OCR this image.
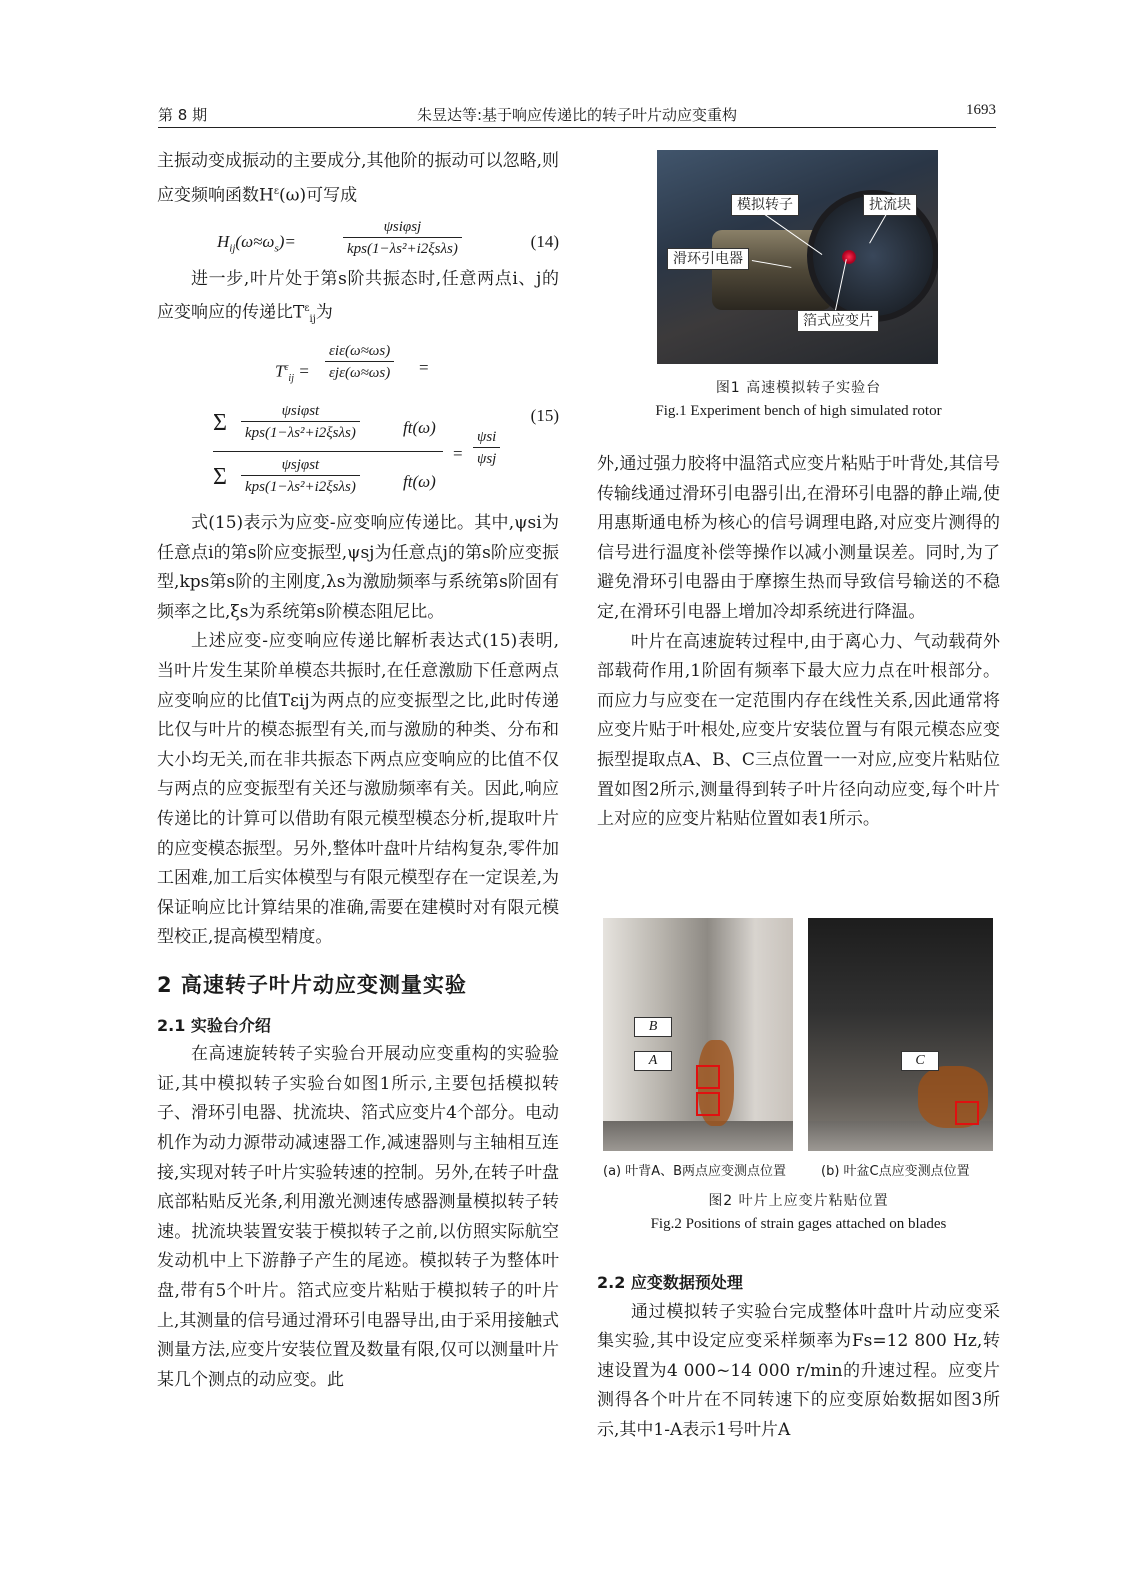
第 8 期	朱昱达等:基于响应传递比的转子叶片动应变重构	1693

主振动变成振动的主要成分,其他阶的振动可以忽略,则应变频响函数$H^\varepsilon(\omega)$可写成

$H_{ij}(\omega\approx\omega_s)=$
ψsiφsj
kps(1−λs²+i2ξsλs)	(14)

进一步,叶片处于第s阶共振态时,任意两点i、j的应变响应的传递比$T^\varepsilon_{ij}$为

$T^\varepsilon_{ij}$ =
εiε(ω≈ωs)
εjε(ω≈ωs) =
Σ	ψsiφst
kps(1−λs²+i2ξsλs)	ft(ω)
Σ	ψsjφst
kps(1−λs²+i2ξsλs)	ft(ω)
=
ψsi
ψsj
(15)

式(15)表示为应变-应变响应传递比。其中,ψsi为任意点i的第s阶应变振型,ψsj为任意点j的第s阶应变振型,kps第s阶的主刚度,λs为激励频率与系统第s阶固有频率之比,ξs为系统第s阶模态阻尼比。

上述应变-应变响应传递比解析表达式(15)表明,当叶片发生某阶单模态共振时,在任意激励下任意两点应变响应的比值Tεij为两点的应变振型之比,此时传递比仅与叶片的模态振型有关,而与激励的种类、分布和大小均无关,而在非共振态下两点应变响应的比值不仅与两点的应变振型有关还与激励频率有关。因此,响应传递比的计算可以借助有限元模型模态分析,提取叶片的应变模态振型。另外,整体叶盘叶片结构复杂,零件加工困难,加工后实体模型与有限元模型存在一定误差,为保证响应比计算结果的准确,需要在建模时对有限元模型校正,提高模型精度。

2 高速转子叶片动应变测量实验
2.1 实验台介绍

在高速旋转转子实验台开展动应变重构的实验验证,其中模拟转子实验台如图1所示,主要包括模拟转子、滑环引电器、扰流块、箔式应变片4个部分。电动机作为动力源带动减速器工作,减速器则与主轴相互连接,实现对转子叶片实验转速的控制。另外,在转子叶盘底部粘贴反光条,利用激光测速传感器测量模拟转子转速。扰流块装置安装于模拟转子之前,以仿照实际航空发动机中上下游静子产生的尾迹。模拟转子为整体叶盘,带有5个叶片。箔式应变片粘贴于模拟转子的叶片上,其测量的信号通过滑环引电器导出,由于采用接触式测量方法,应变片安装位置及数量有限,仅可以测量叶片某几个测点的动应变。此

模拟转子	扰流块
滑环引电器
箔式应变片
图1 高速模拟转子实验台
Fig.1 Experiment bench of high simulated rotor

外,通过强力胶将中温箔式应变片粘贴于叶背处,其信号传输线通过滑环引电器引出,在滑环引电器的静止端,使用惠斯通电桥为核心的信号调理电路,对应变片测得的信号进行温度补偿等操作以减小测量误差。同时,为了避免滑环引电器由于摩擦生热而导致信号输送的不稳定,在滑环引电器上增加冷却系统进行降温。

叶片在高速旋转过程中,由于离心力、气动载荷外部载荷作用,1阶固有频率下最大应力点在叶根部分。而应力与应变在一定范围内存在线性关系,因此通常将应变片贴于叶根处,应变片安装位置与有限元模态应变振型提取点A、B、C三点位置一一对应,应变片粘贴位置如图2所示,测量得到转子叶片径向动应变,每个叶片上对应的应变片粘贴位置如表1所示。

B
A	C
(a) 叶背A、B两点应变测点位置	(b) 叶盆C点应变测点位置
图2 叶片上应变片粘贴位置
Fig.2 Positions of strain gages attached on blades
2.2 应变数据预处理

通过模拟转子实验台完成整体叶盘叶片动应变采集实验,其中设定应变采样频率为Fs=12 800 Hz,转速设置为4 000~14 000 r/min的升速过程。应变片测得各个叶片在不同转速下的应变原始数据如图3所示,其中1-A表示1号叶片A
